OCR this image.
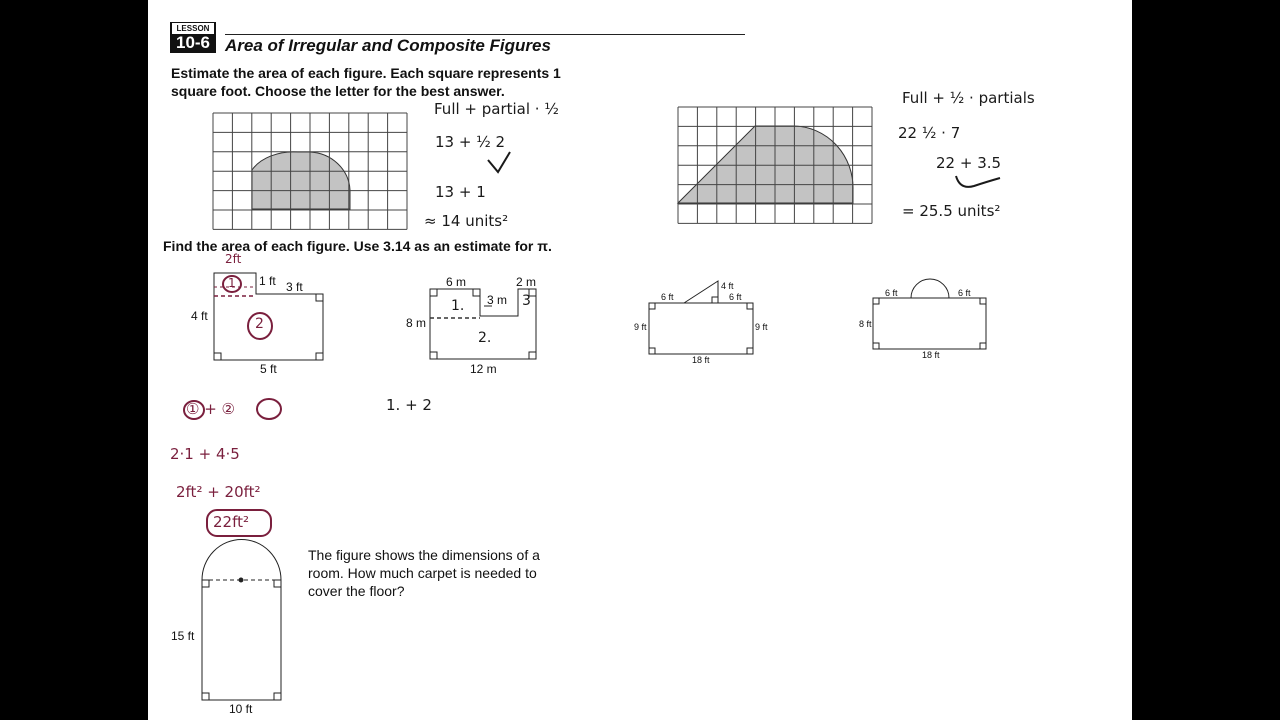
LESSON
10-6 Area of Irregular and Composite Figures
Estimate the area of each figure. Each square represents 1
square foot. Choose the letter for the best answer.
Find the area of each figure. Use 3.14 as an estimate for π.
1 ft 3 ft
4 ft
5 ft
6 m	2 m
3 m
8 m
12 m
6 ft	6 ft
4 ft
9 ft	9 ft
18 ft
6 ft	6 ft
8 ft
18 ft
The figure shows the dimensions of a
room. How much carpet is needed to
cover the floor?
15 ft
10 ft
Full + partial · ½
13 + ½ 2
13 + 1
≈ 14 units²
Full + ½ · partials
22 ½ · 7
22 + 3.5
= 25.5 units²
2ft
1
2
1.
2.
3
① + ②
2·1 + 4·5
2ft² + 20ft²
22ft²
1. + 2
